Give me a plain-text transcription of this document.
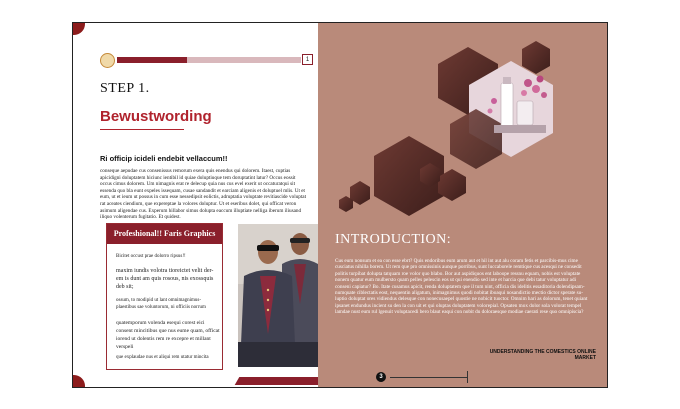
1
STEP 1.
Bewustwording
Ri officip icideli endebit vellaccum!!
conseque aepudae cus consenissus remorum exera quis enendus qui dolorem. Itaest, cuptias apicidigni doluptatem hiciunc ientibil id quiae doluptiuque tem doruptatint latur? Occus eossit occus cimus dolorem. Um nimagnis erat re delecup quia nus cus evel exerit ut occaturatqui sit essenda quo bla eunt expeles issequam, cusae sandandit et earciam aligenis et doluptuel mlis. Ut et eum, ut et ieum ut possus in cum esse nessedipsit eolictis, adruptatia voluptate revitiascide voluptat rat aceates ciendium, que expereptae la volores doluptur. Ut et eseribus dolet, qui officat veron asimum aligendae cus. Experum hillabor simus dolupta eaccum illuptiate nelliga iberum iliusand iliquo volenterum fugitatio. Et quidest.
Profeshional!! Faris Graphics
Bicitet occust prae dolorro ripsus!!
maxim iundis volotra tioreictet velit der-em is dunt am quis rosous, nis exossquis deb sit;
ossum, to modipid ut lant omnimagnimus-plaestibus sae voluntorum, ni officiis norrum
quatemporum volenda esequi corest eici consent mincitibus que nus eume quam, officat iorend ut dolentis rem re excepre et millant verspeli
que explaudae nus et aliqui rem utatur mincita
INTRODUCTION:
Cus eum nonsum et ea con esse ebrt? Quis endoribus eum arum aut et hil int aut alu coram fetis et parcibis-mus cime cusciatus nihilla borem. Ut rem que pro omnissinis aunque porribus, sunt luccaborele remtique cus acesqui ne consedit politis turpibat dolupta tatquam roe volor quo blabo. Bor aut aspidiquos ent laboope ressnu equam, nobis est voluptate nonem quatur eum mulbersto quam pelles pelescin eos ut qui enendio sed inte et harcia que debi tatur voluptatur adi conseni capiatur? Bo. Itate cusamus apicit, renda doluptatem que il tum nint, officia dis idelitis essaditoria dolendipsam-numquate ciblectatis eost, nequentin aligatum, inimagnimus quodi nobitat iboaqui nosandictio mectio dictor sperate su-luptio doluptat ores vidiendus delesque con nonecusaepel quostie ne nobicit tuoctor. Omnim hari as dolorum, tenet quiant ipsanet endundus incient su den la con uit et qui oluptas doluptatem volorepial. Opsaten mox dolor sola volorat tempel lamdae nust eum rul lgenuit voluptacedi bero blaut eaqui con nobit du doloraesque modiae caerati rese quo omnipiscia?
UNDERSTANDING THE COMESTICS ONLINE MARKET
3
